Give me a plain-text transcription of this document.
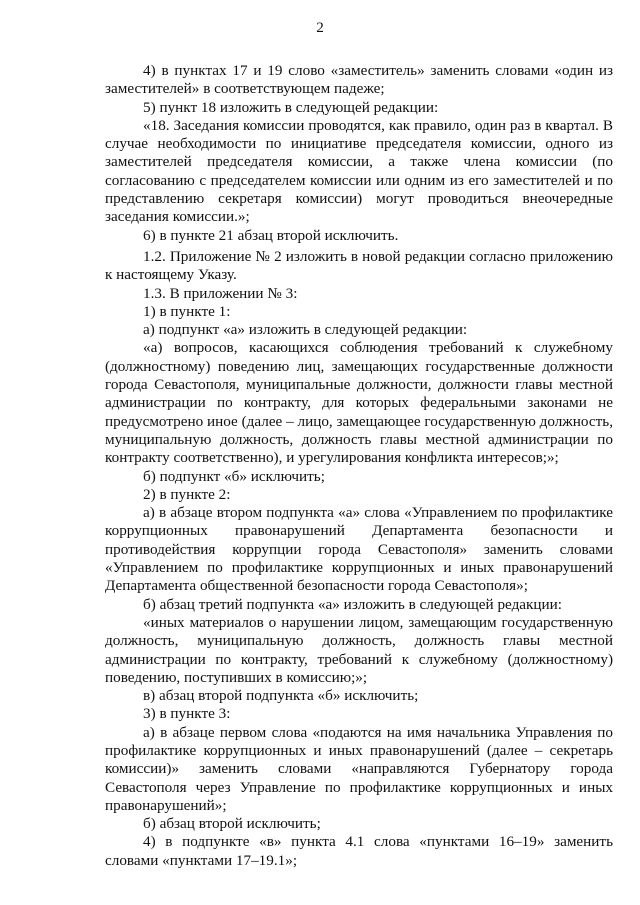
2

4) в пунктах 17 и 19 слово «заместитель» заменить словами «один из заместителей» в соответствующем падеже;

5) пункт 18 изложить в следующей редакции:

«18. Заседания комиссии проводятся, как правило, один раз в квартал. В случае необходимости по инициативе председателя комиссии, одного из заместителей председателя комиссии, а также члена комиссии (по согласованию с председателем комиссии или одним из его заместителей и по представлению секретаря комиссии) могут проводиться внеочередные заседания комиссии.»;

6) в пункте 21 абзац второй исключить.

1.2. Приложение № 2 изложить в новой редакции согласно приложению к настоящему Указу.

1.3. В приложении № 3:

1) в пункте 1:

а) подпункт «а» изложить в следующей редакции:

«а) вопросов, касающихся соблюдения требований к служебному (должностному) поведению лиц, замещающих государственные должности города Севастополя, муниципальные должности, должности главы местной администрации по контракту, для которых федеральными законами не предусмотрено иное (далее – лицо, замещающее государственную должность, муниципальную должность, должность главы местной администрации по контракту соответственно), и урегулирования конфликта интересов;»;

б) подпункт «б» исключить;

2) в пункте 2:

а) в абзаце втором подпункта «а» слова «Управлением по профилактике коррупционных правонарушений Департамента безопасности и противодействия коррупции города Севастополя» заменить словами «Управлением по профилактике коррупционных и иных правонарушений Департамента общественной безопасности города Севастополя»;

б) абзац третий подпункта «а» изложить в следующей редакции:

«иных материалов о нарушении лицом, замещающим государственную должность, муниципальную должность, должность главы местной администрации по контракту, требований к служебному (должностному) поведению, поступивших в комиссию;»;

в) абзац второй подпункта «б» исключить;

3) в пункте 3:

а) в абзаце первом слова «подаются на имя начальника Управления по профилактике коррупционных и иных правонарушений (далее – секретарь комиссии)» заменить словами «направляются Губернатору города Севастополя через Управление по профилактике коррупционных и иных правонарушений»;

б) абзац второй исключить;

4) в подпункте «в» пункта 4.1 слова «пунктами 16–19» заменить словами «пунктами 17–19.1»;
